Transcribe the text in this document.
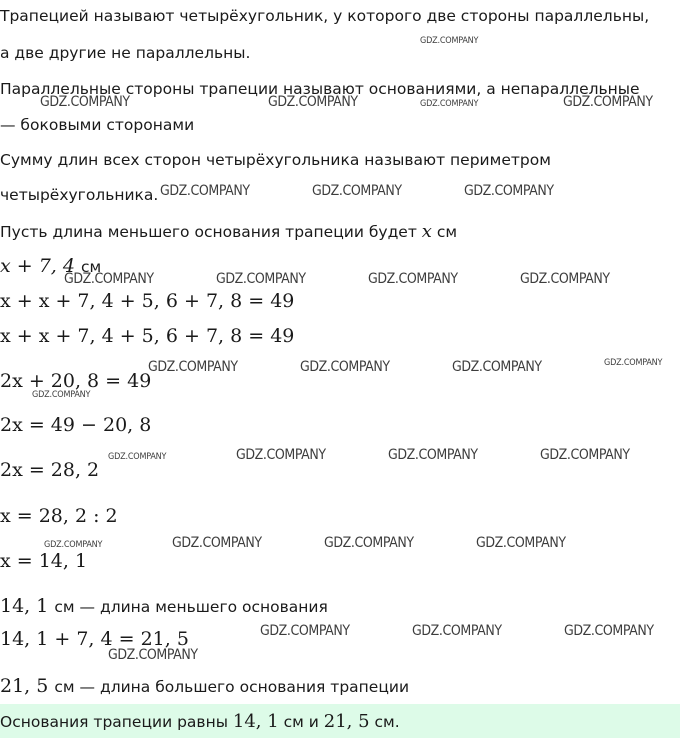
Трапецией называют четырёхугольник, у которого две стороны параллельны,
а две другие не параллельны.
Параллельные стороны трапеции называют основаниями, а непараллельные
— боковыми сторонами
Сумму длин всех сторон четырёхугольника называют периметром
четырёхугольника.
Пусть длина меньшего основания трапеции будет x см
x + 7, 4 см
x + x + 7, 4 + 5, 6 + 7, 8 = 49
x + x + 7, 4 + 5, 6 + 7, 8 = 49
2x + 20, 8 = 49
2x = 49 − 20, 8
2x = 28, 2
x = 28, 2 : 2
x = 14, 1
14, 1 см — длина меньшего основания
14, 1 + 7, 4 = 21, 5
21, 5 см — длина большего основания трапеции
Основания трапеции равны 14, 1 см и 21, 5 см.
GDZ.COMPANY
GDZ.COMPANY	GDZ.COMPANY	GDZ.COMPANY	GDZ.COMPANY
GDZ.COMPANY	GDZ.COMPANY	GDZ.COMPANY
GDZ.COMPANY	GDZ.COMPANY	GDZ.COMPANY	GDZ.COMPANY
GDZ.COMPANY	GDZ.COMPANY	GDZ.COMPANY	GDZ.COMPANY
GDZ.COMPANY
GDZ.COMPANY	GDZ.COMPANY	GDZ.COMPANY	GDZ.COMPANY
GDZ.COMPANY	GDZ.COMPANY	GDZ.COMPANY	GDZ.COMPANY
GDZ.COMPANY	GDZ.COMPANY	GDZ.COMPANY
GDZ.COMPANY
